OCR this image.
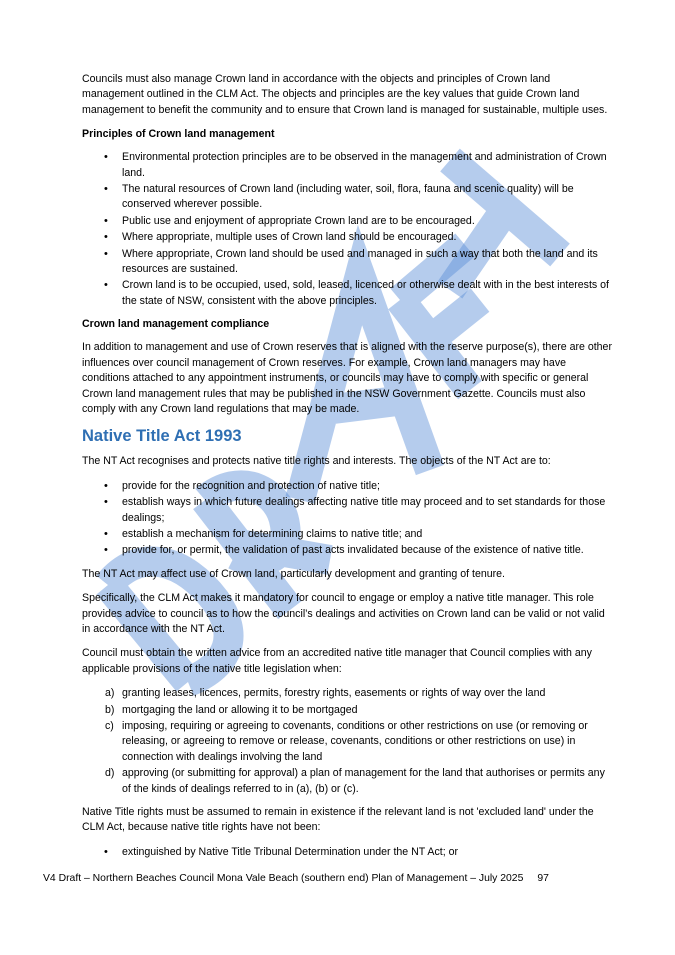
Councils must also manage Crown land in accordance with the objects and principles of Crown land management outlined in the CLM Act. The objects and principles are the key values that guide Crown land management to benefit the community and to ensure that Crown land is managed for sustainable, multiple uses.

Principles of Crown land management
•	Environmental protection principles are to be observed in the management and administration of Crown land.
•	The natural resources of Crown land (including water, soil, flora, fauna and scenic quality) will be conserved wherever possible.
•	Public use and enjoyment of appropriate Crown land are to be encouraged.
•	Where appropriate, multiple uses of Crown land should be encouraged.
•	Where appropriate, Crown land should be used and managed in such a way that both the land and its resources are sustained.
•	Crown land is to be occupied, used, sold, leased, licenced or otherwise dealt with in the best interests of the state of NSW, consistent with the above principles.
Crown land management compliance

In addition to management and use of Crown reserves that is aligned with the reserve purpose(s), there are other influences over council management of Crown reserves. For example, Crown land managers may have conditions attached to any appointment instruments, or councils may have to comply with specific or general Crown land management rules that may be published in the NSW Government Gazette. Councils must also comply with any Crown land regulations that may be made.

Native Title Act 1993

The NT Act recognises and protects native title rights and interests. The objects of the NT Act are to:

•	provide for the recognition and protection of native title;
•	establish ways in which future dealings affecting native title may proceed and to set standards for those dealings;
•	establish a mechanism for determining claims to native title; and
•	provide for, or permit, the validation of past acts invalidated because of the existence of native title.

The NT Act may affect use of Crown land, particularly development and granting of tenure.

Specifically, the CLM Act makes it mandatory for council to engage or employ a native title manager. This role provides advice to council as to how the council’s dealings and activities on Crown land can be valid or not valid in accordance with the NT Act.

Council must obtain the written advice from an accredited native title manager that Council complies with any applicable provisions of the native title legislation when:

a) granting leases, licences, permits, forestry rights, easements or rights of way over the land
b) mortgaging the land or allowing it to be mortgaged
c) imposing, requiring or agreeing to covenants, conditions or other restrictions on use (or removing or releasing, or agreeing to remove or release, covenants, conditions or other restrictions on use) in connection with dealings involving the land
d) approving (or submitting for approval) a plan of management for the land that authorises or permits any of the kinds of dealings referred to in (a), (b) or (c).

Native Title rights must be assumed to remain in existence if the relevant land is not 'excluded land' under the CLM Act, because native title rights have not been:

•	extinguished by Native Title Tribunal Determination under the NT Act; or
V4 Draft – Northern Beaches Council Mona Vale Beach (southern end) Plan of Management – July 2025 97
